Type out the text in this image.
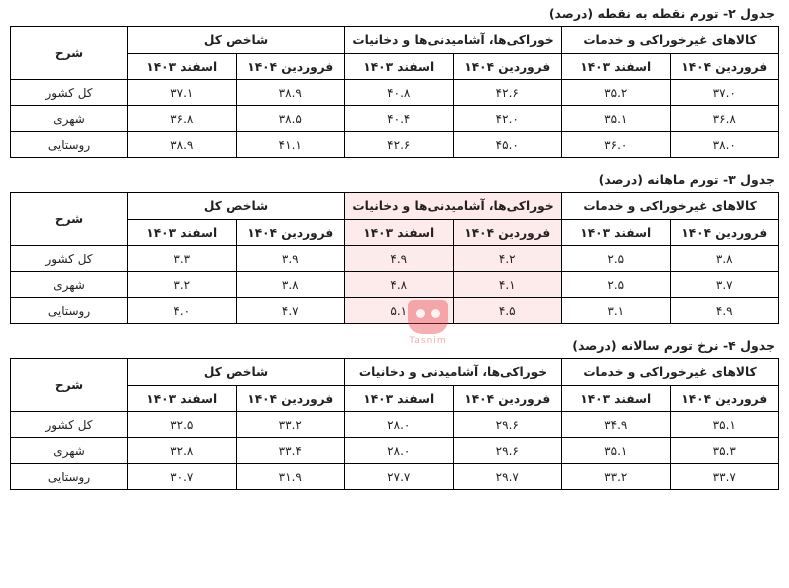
جدول ۲- تورم نقطه به نقطه (درصد)
کالاهای غیرخوراکی و خدمات		خوراکی‌ها، آشامیدنی‌ها و دخانیات		شاخص کل		شرح
فروردین ۱۴۰۴	اسفند ۱۴۰۳	فروردین ۱۴۰۴	اسفند ۱۴۰۳	فروردین ۱۴۰۴	اسفند ۱۴۰۳	
۳۷.۰	۳۵.۲	۴۲.۶	۴۰.۸	۳۸.۹	۳۷.۱	کل کشور
۳۶.۸	۳۵.۱	۴۲.۰	۴۰.۴	۳۸.۵	۳۶.۸	شهری
۳۸.۰	۳۶.۰	۴۵.۰	۴۲.۶	۴۱.۱	۳۸.۹	روستایی
جدول ۳- تورم ماهانه (درصد)
کالاهای غیرخوراکی و خدمات		خوراکی‌ها، آشامیدنی‌ها و دخانیات		شاخص کل		شرح
فروردین ۱۴۰۴	اسفند ۱۴۰۳	فروردین ۱۴۰۴	اسفند ۱۴۰۳	فروردین ۱۴۰۴	اسفند ۱۴۰۳	
۳.۸	۲.۵	۴.۲	۴.۹	۳.۹	۳.۳	کل کشور
۳.۷	۲.۵	۴.۱	۴.۸	۳.۸	۳.۲	شهری
۴.۹	۳.۱	۴.۵	۵.۱	۴.۷	۴.۰	روستایی
جدول ۴- نرخ تورم سالانه (درصد)
کالاهای غیرخوراکی و خدمات		خوراکی‌ها، آشامیدنی و دخانیات		شاخص کل		شرح
فروردین ۱۴۰۴	اسفند ۱۴۰۳	فروردین ۱۴۰۴	اسفند ۱۴۰۳	فروردین ۱۴۰۴	اسفند ۱۴۰۳	
۳۵.۱	۳۴.۹	۲۹.۶	۲۸.۰	۳۳.۲	۳۲.۵	کل کشور
۳۵.۳	۳۵.۱	۲۹.۶	۲۸.۰	۳۳.۴	۳۲.۸	شهری
۳۳.۷	۳۳.۲	۲۹.۷	۲۷.۷	۳۱.۹	۳۰.۷	روستایی
Tasnim
